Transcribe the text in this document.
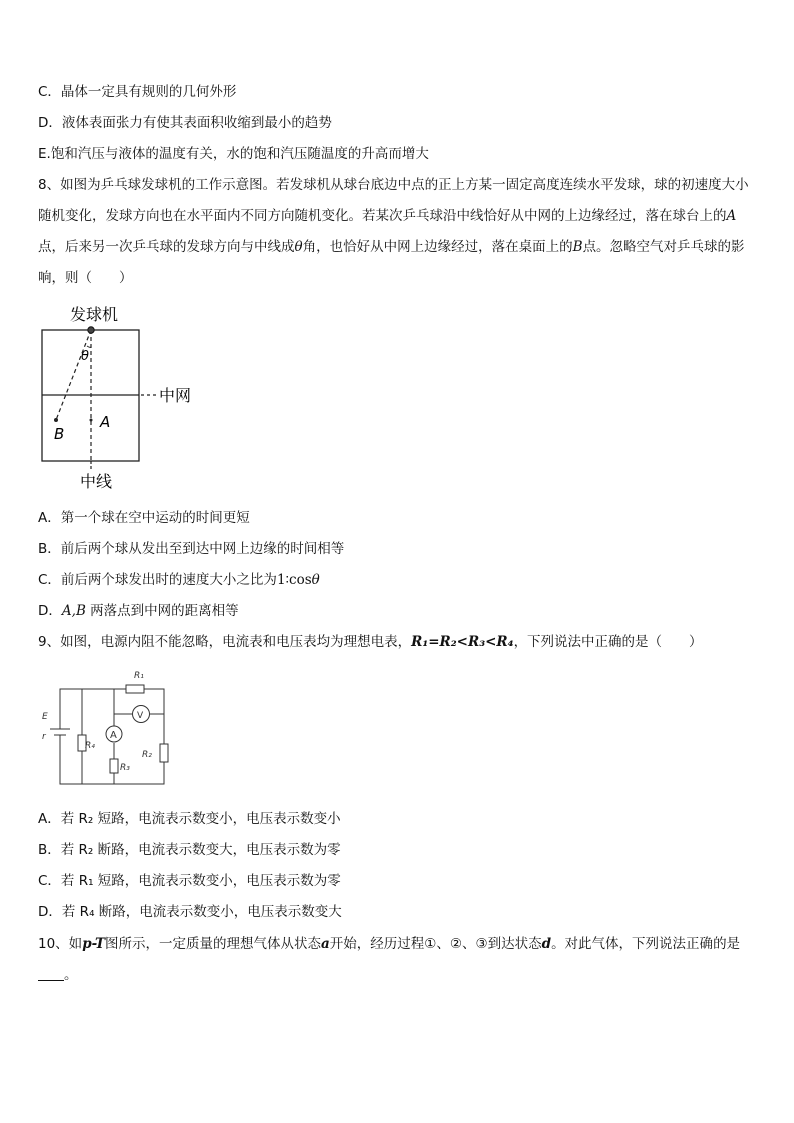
C．晶体一定具有规则的几何外形
D．液体表面张力有使其表面积收缩到最小的趋势
E.饱和汽压与液体的温度有关，水的饱和汽压随温度的升高而增大
8、如图为乒乓球发球机的工作示意图。若发球机从球台底边中点的正上方某一固定高度连续水平发球，球的初速度大小随机变化，发球方向也在水平面内不同方向随机变化。若某次乒乓球沿中线恰好从中网的上边缘经过，落在球台上的A点，后来另一次乒乓球的发球方向与中线成θ角，也恰好从中网上边缘经过，落在桌面上的B点。忽略空气对乒乓球的影响，则（　　）
中网
发球机
θ
B
A
中线
A．第一个球在空中运动的时间更短
B．前后两个球从发出至到达中网上边缘的时间相等
C．前后两个球发出时的速度大小之比为1∶cosθ
D．A,B 两落点到中网的距离相等
9、如图，电源内阻不能忽略，电流表和电压表均为理想电表，R₁=R₂<R₃<R₄，下列说法中正确的是（　　）
E
r
R₁
R₄
R₃
R₂
A
V
A．若 R₂ 短路，电流表示数变小，电压表示数变小
B．若 R₂ 断路，电流表示数变大，电压表示数为零
C．若 R₁ 短路，电流表示数变小，电压表示数为零
D．若 R₄ 断路，电流表示数变小，电压表示数变大
10、如p-T图所示，一定质量的理想气体从状态a开始，经历过程①、②、③到达状态d。对此气体，下列说法正确的是。
